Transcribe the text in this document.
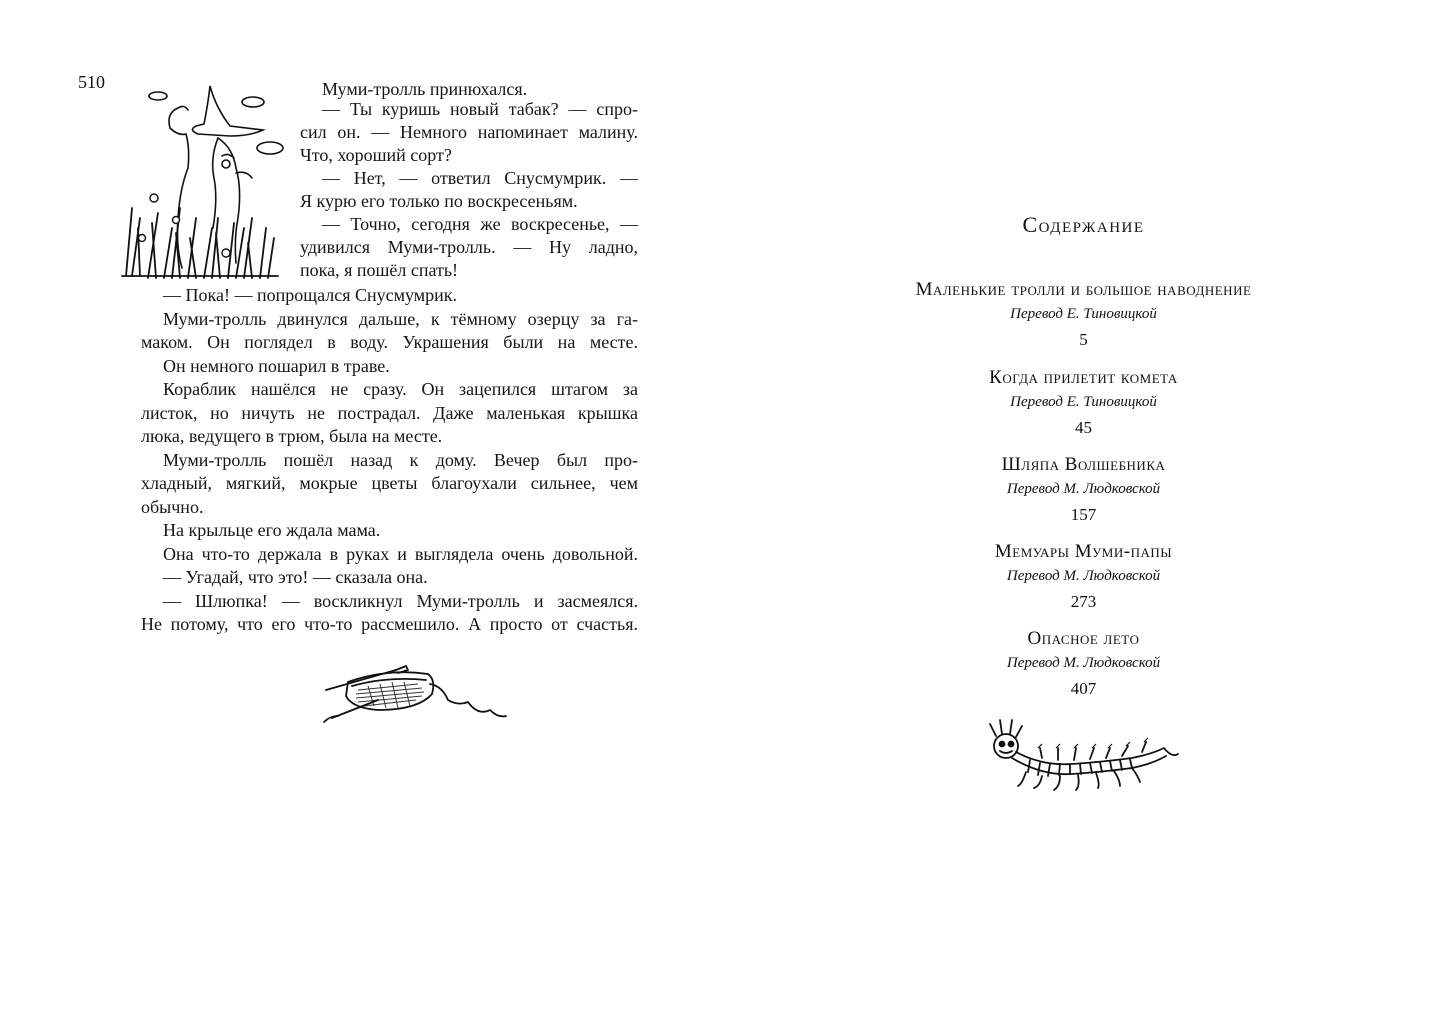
510	Муми-тролль принюхался.
— Ты куришь новый табак? — спро-
сил он. — Немного напоминает малину.
Что, хороший сорт?
— Нет, — ответил Снусмумрик. —
Я курю его только по воскресеньям.
— Точно, сегодня же воскресенье, —
удивился Муми-тролль. — Ну ладно,
пока, я пошёл спать!
— Пока! — попрощался Снусмумрик.
Муми-тролль двинулся дальше, к тёмному озерцу за га-
маком. Он поглядел в воду. Украшения были на месте.
Он немного пошарил в траве.
Кораблик нашёлся не сразу. Он зацепился штагом за
листок, но ничуть не пострадал. Даже маленькая крышка
люка, ведущего в трюм, была на месте.
Муми-тролль пошёл назад к дому. Вечер был про-
хладный, мягкий, мокрые цветы благоухали сильнее, чем
обычно.
На крыльце его ждала мама.
Она что-то держала в руках и выглядела очень довольной.
— Угадай, что это! — сказала она.
— Шлюпка! — воскликнул Муми-тролль и засмеялся.
Не потому, что его что-то рассмешило. А просто от счастья.
Содержание
Маленькие тролли и большое наводнение
Перевод Е. Тиновицкой
5
Когда прилетит комета
Перевод Е. Тиновицкой
45
Шляпа Волшебника
Перевод М. Людковской
157
Мемуары Муми-папы
Перевод М. Людковской
273
Опасное лето
Перевод М. Людковской
407
